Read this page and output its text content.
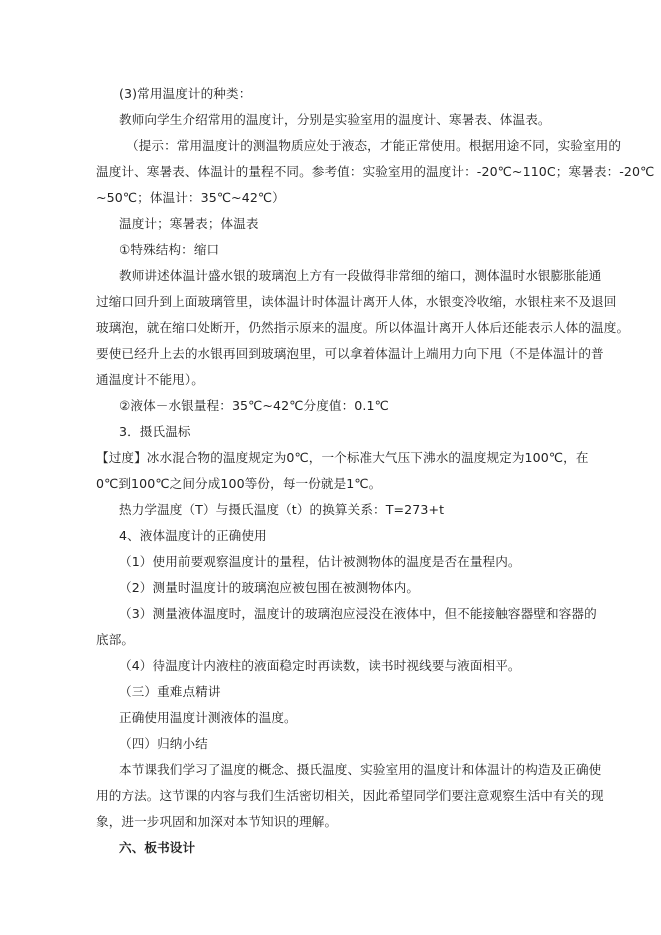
(3)常用温度计的种类：
教师向学生介绍常用的温度计，分别是实验室用的温度计、寒暑表、体温表。
（提示：常用温度计的测温物质应处于液态，才能正常使用。根据用途不同，实验室用的
温度计、寒暑表、体温计的量程不同。参考值：实验室用的温度计：-20℃~110C；寒暑表：-20℃
~50℃；体温计：35℃~42℃）
温度计；寒暑表；体温表
①特殊结构：缩口
教师讲述体温计盛水银的玻璃泡上方有一段做得非常细的缩口，测体温时水银膨胀能通
过缩口回升到上面玻璃管里，读体温计时体温计离开人体，水银变冷收缩，水银柱来不及退回
玻璃泡，就在缩口处断开，仍然指示原来的温度。所以体温计离开人体后还能表示人体的温度。
要使已经升上去的水银再回到玻璃泡里，可以拿着体温计上端用力向下甩（不是体温计的普
通温度计不能甩）。
②液体－水银量程：35℃~42℃分度值：0.1℃
3．摄氏温标
【过度】冰水混合物的温度规定为0℃，一个标准大气压下沸水的温度规定为100℃，在
0℃到100℃之间分成100等份，每一份就是1℃。
热力学温度（T）与摄氏温度（t）的换算关系：T=273+t
4、液体温度计的正确使用
（1）使用前要观察温度计的量程，估计被测物体的温度是否在量程内。
（2）测量时温度计的玻璃泡应被包围在被测物体内。
（3）测量液体温度时，温度计的玻璃泡应浸没在液体中，但不能接触容器壁和容器的
底部。
（4）待温度计内液柱的液面稳定时再读数，读书时视线要与液面相平。
（三）重难点精讲
正确使用温度计测液体的温度。
（四）归纳小结
本节课我们学习了温度的概念、摄氏温度、实验室用的温度计和体温计的构造及正确使
用的方法。这节课的内容与我们生活密切相关，因此希望同学们要注意观察生活中有关的现
象，进一步巩固和加深对本节知识的理解。
六、板书设计
